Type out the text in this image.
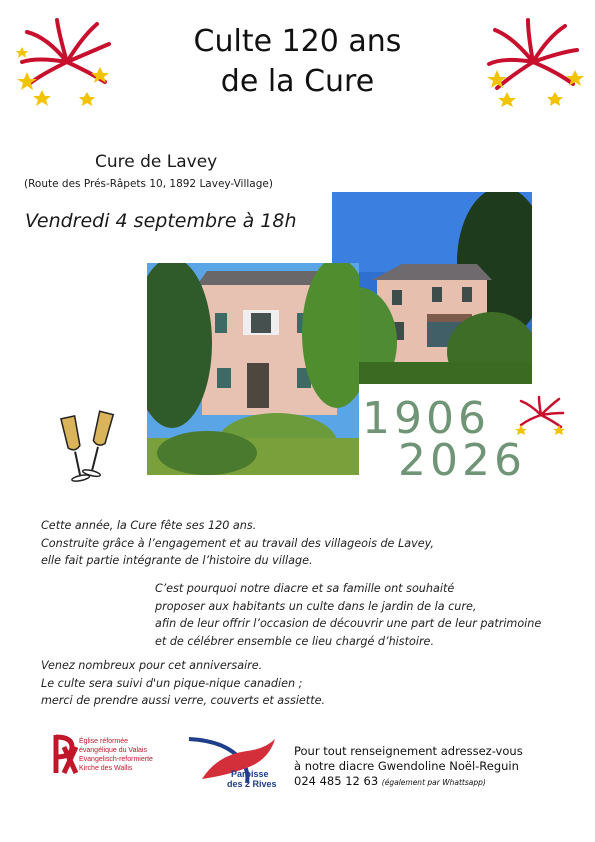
Culte 120 ans
de la Cure
Cure de Lavey
(Route des Prés-Râpets 10, 1892 Lavey-Village)
Vendredi 4 septembre à 18h
1906
2026
Cette année, la Cure fête ses 120 ans.
Construite grâce à l’engagement et au travail des villageois de Lavey,
elle fait partie intégrante de l’histoire du village.
C’est pourquoi notre diacre et sa famille ont souhaité
proposer aux habitants un culte dans le jardin de la cure,
afin de leur offrir l’occasion de découvrir une part de leur patrimoine
et de célébrer ensemble ce lieu chargé d’histoire.
Venez nombreux pour cet anniversaire.
Le culte sera suivi d'un pique-nique canadien ;
merci de prendre aussi verre, couverts et assiette.
Église réformée
évangélique du Valais
Evangelisch-reformierte
Kirche des Wallis
Paroisse
des 2 Rives
Pour tout renseignement adressez-vous
à notre diacre Gwendoline Noël-Reguin
024 485 12 63 (également par Whattsapp)
